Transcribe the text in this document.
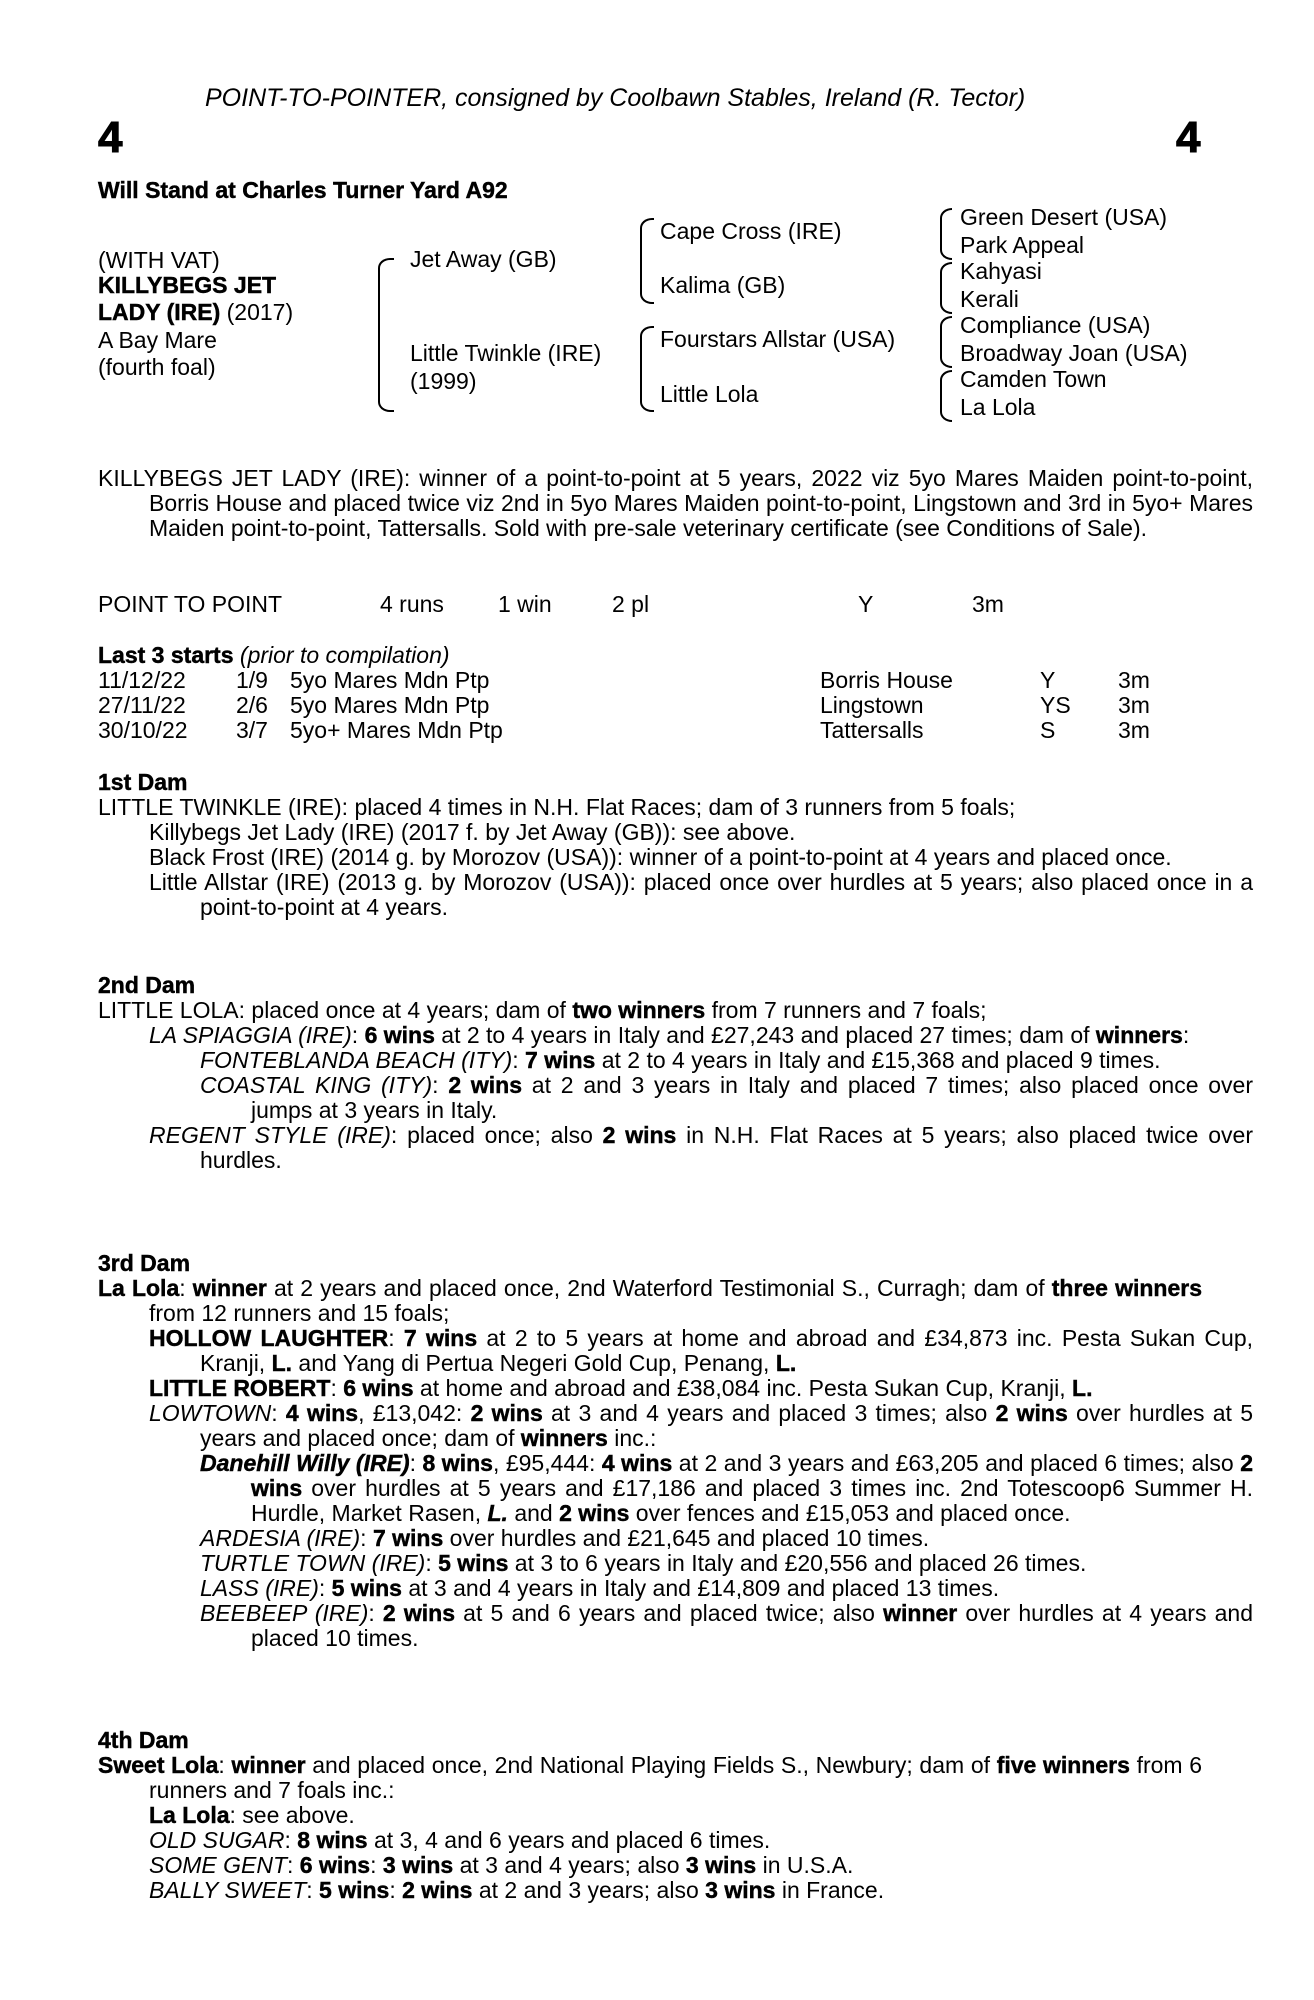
POINT-TO-POINTER, consigned by Coolbawn Stables, Ireland (R. Tector)
4	4
Will Stand at Charles Turner Yard A92
(WITH VAT)
KILLYBEGS JET
LADY (IRE) (2017)
A Bay Mare
(fourth foal)
Jet Away (GB)
Little Twinkle (IRE)
(1999)
Cape Cross (IRE)
Kalima (GB)
Fourstars Allstar (USA)
Little Lola
Green Desert (USA)
Park Appeal
Kahyasi
Kerali
Compliance (USA)
Broadway Joan (USA)
Camden Town
La Lola
KILLYBEGS JET LADY (IRE): winner of a point-to-point at 5 years, 2022 viz 5yo Mares Maiden point-to-point, Borris House and placed twice viz 2nd in 5yo Mares Maiden point-to-point, Lingstown and 3rd in 5yo+ Mares Maiden point-to-point, Tattersalls. Sold with pre-sale veterinary certificate (see Conditions of Sale).
POINT TO POINT	4 runs 1 win	2 pl	Y	3m
Last 3 starts (prior to compilation)
11/12/22 1/9 5yo Mares Mdn Ptp	Borris House	Y	3m
27/11/22 2/6 5yo Mares Mdn Ptp	Lingstown	YS 3m
30/10/22 3/7 5yo+ Mares Mdn Ptp	Tattersalls	S	3m
1st Dam
LITTLE TWINKLE (IRE): placed 4 times in N.H. Flat Races; dam of 3 runners from 5 foals;
Killybegs Jet Lady (IRE) (2017 f. by Jet Away (GB)): see above.
Black Frost (IRE) (2014 g. by Morozov (USA)): winner of a point-to-point at 4 years and placed once.
Little Allstar (IRE) (2013 g. by Morozov (USA)): placed once over hurdles at 5 years; also placed once in a point-to-point at 4 years.
2nd Dam
LITTLE LOLA: placed once at 4 years; dam of two winners from 7 runners and 7 foals;
LA SPIAGGIA (IRE): 6 wins at 2 to 4 years in Italy and £27,243 and placed 27 times; dam of winners:
FONTEBLANDA BEACH (ITY): 7 wins at 2 to 4 years in Italy and £15,368 and placed 9 times.
COASTAL KING (ITY): 2 wins at 2 and 3 years in Italy and placed 7 times; also placed once over jumps at 3 years in Italy.
REGENT STYLE (IRE): placed once; also 2 wins in N.H. Flat Races at 5 years; also placed twice over hurdles.
3rd Dam
La Lola: winner at 2 years and placed once, 2nd Waterford Testimonial S., Curragh; dam of three winners from 12 runners and 15 foals;
HOLLOW LAUGHTER: 7 wins at 2 to 5 years at home and abroad and £34,873 inc. Pesta Sukan Cup, Kranji, L. and Yang di Pertua Negeri Gold Cup, Penang, L.
LITTLE ROBERT: 6 wins at home and abroad and £38,084 inc. Pesta Sukan Cup, Kranji, L.
LOWTOWN: 4 wins, £13,042: 2 wins at 3 and 4 years and placed 3 times; also 2 wins over hurdles at 5 years and placed once; dam of winners inc.:
Danehill Willy (IRE): 8 wins, £95,444: 4 wins at 2 and 3 years and £63,205 and placed 6 times; also 2 wins over hurdles at 5 years and £17,186 and placed 3 times inc. 2nd Totescoop6 Summer H. Hurdle, Market Rasen, L. and 2 wins over fences and £15,053 and placed once.
ARDESIA (IRE): 7 wins over hurdles and £21,645 and placed 10 times.
TURTLE TOWN (IRE): 5 wins at 3 to 6 years in Italy and £20,556 and placed 26 times.
LASS (IRE): 5 wins at 3 and 4 years in Italy and £14,809 and placed 13 times.
BEEBEEP (IRE): 2 wins at 5 and 6 years and placed twice; also winner over hurdles at 4 years and placed 10 times.
4th Dam
Sweet Lola: winner and placed once, 2nd National Playing Fields S., Newbury; dam of five winners from 6 runners and 7 foals inc.:
La Lola: see above.
OLD SUGAR: 8 wins at 3, 4 and 6 years and placed 6 times.
SOME GENT: 6 wins: 3 wins at 3 and 4 years; also 3 wins in U.S.A.
BALLY SWEET: 5 wins: 2 wins at 2 and 3 years; also 3 wins in France.
